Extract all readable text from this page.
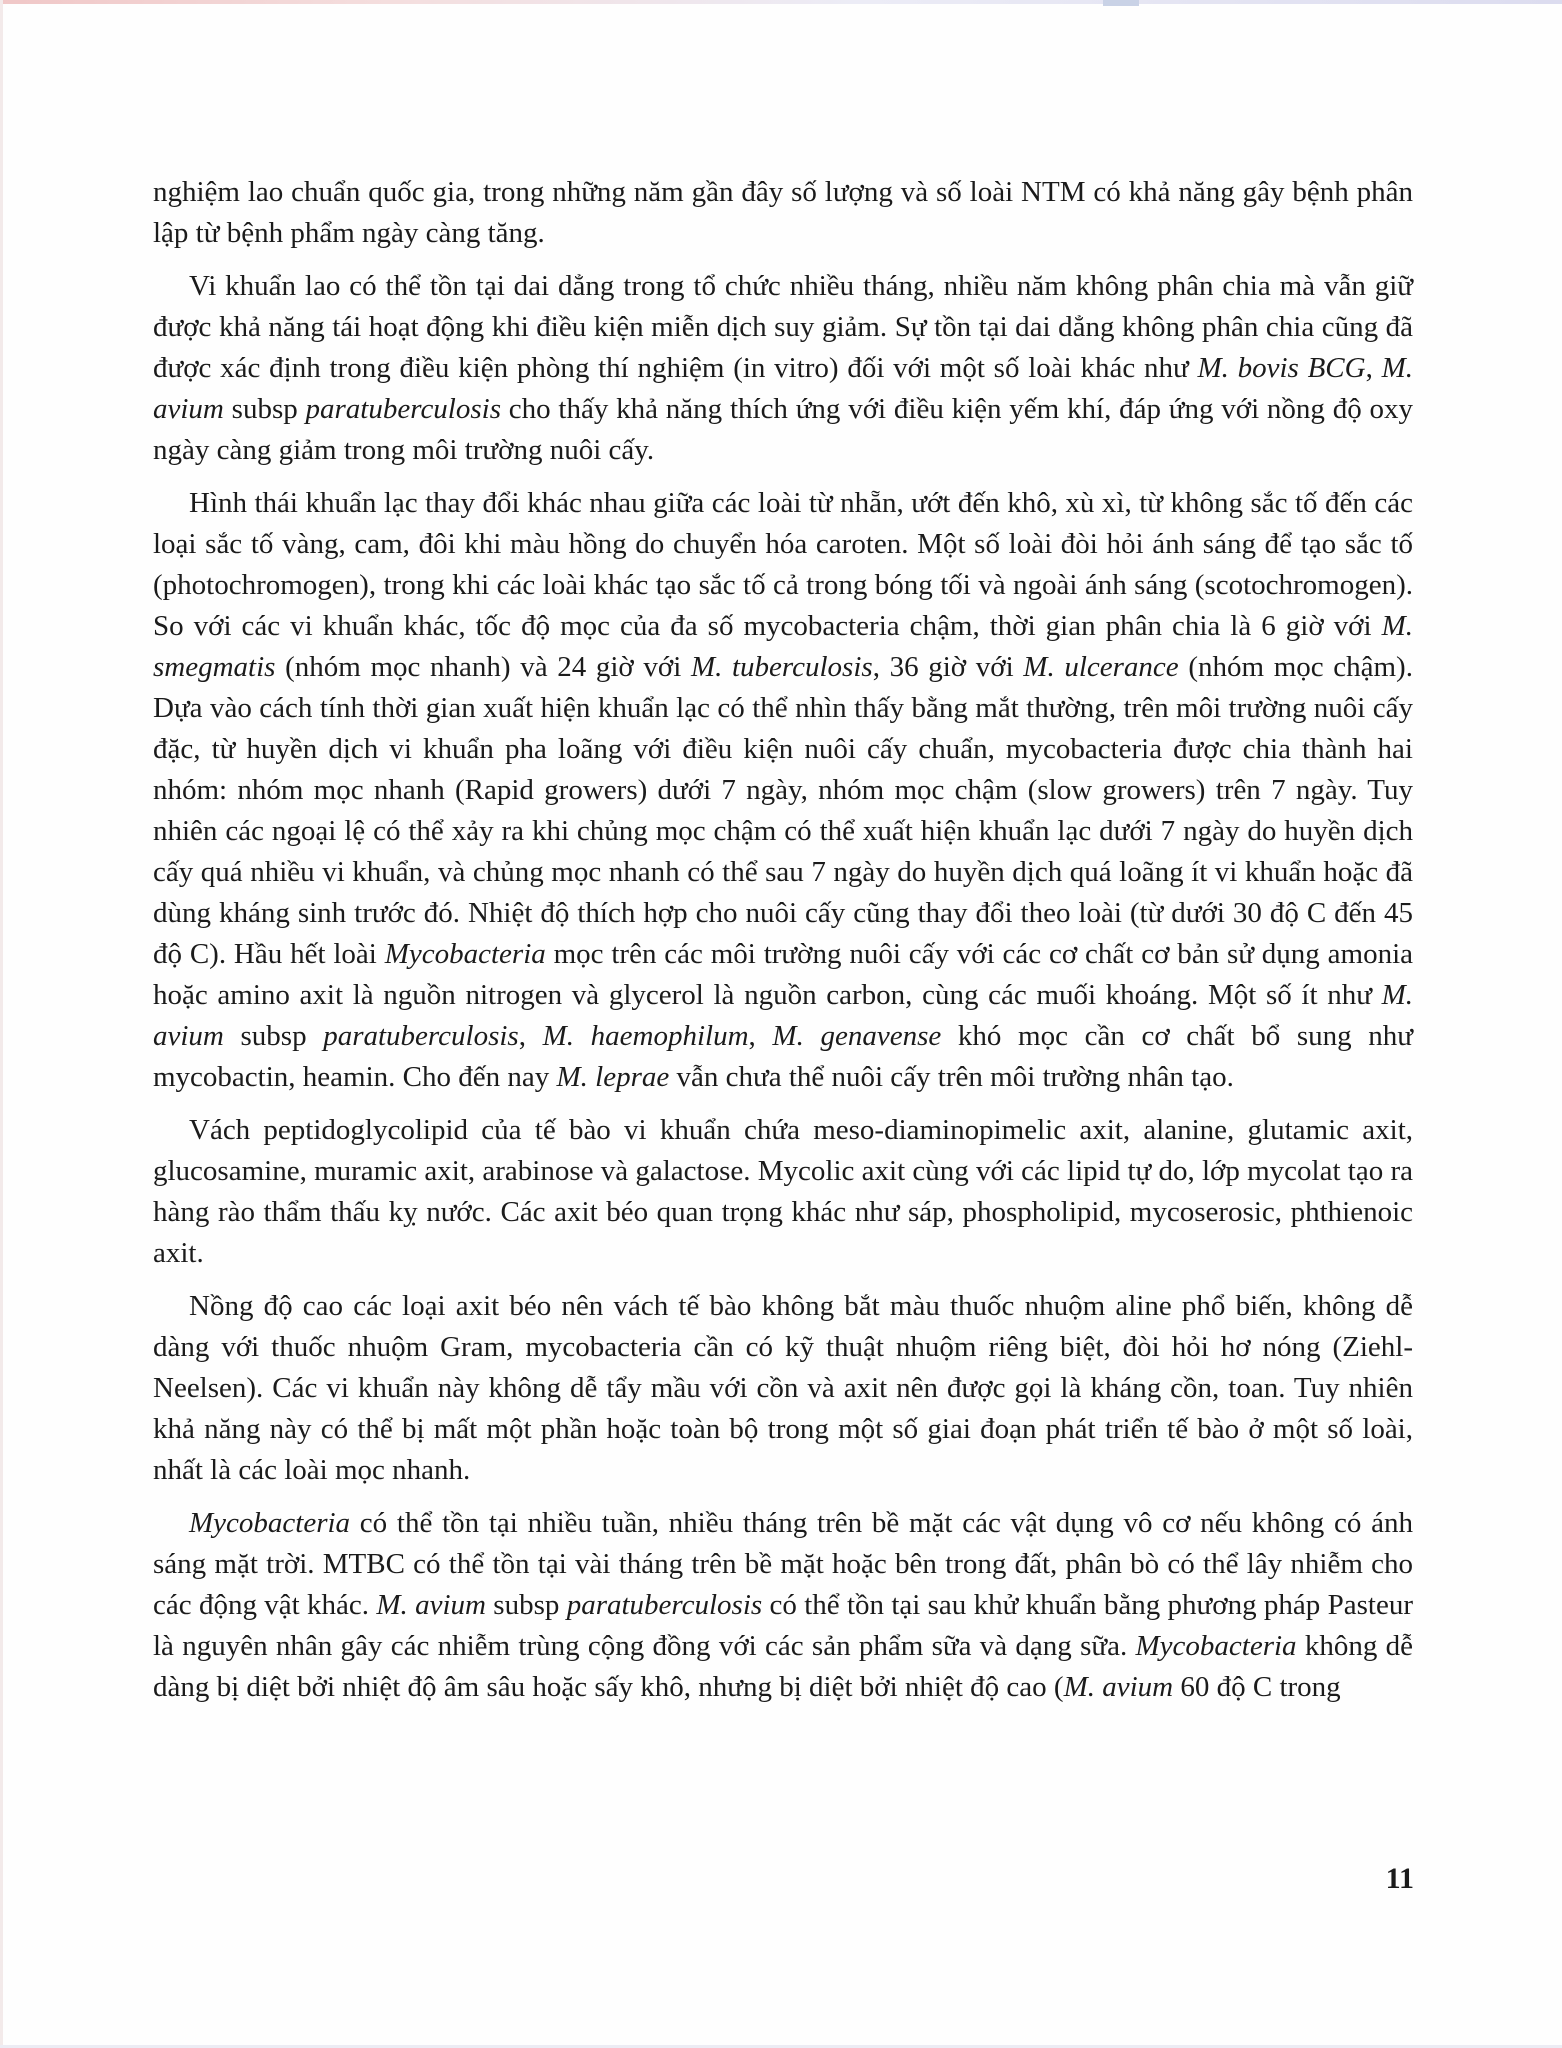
nghiệm lao chuẩn quốc gia, trong những năm gần đây số lượng và số loài NTM có khả năng gây bệnh phân lập từ bệnh phẩm ngày càng tăng.

Vi khuẩn lao có thể tồn tại dai dẳng trong tổ chức nhiều tháng, nhiều năm không phân chia mà vẫn giữ được khả năng tái hoạt động khi điều kiện miễn dịch suy giảm. Sự tồn tại dai dẳng không phân chia cũng đã được xác định trong điều kiện phòng thí nghiệm (in vitro) đối với một số loài khác như M. bovis BCG, M. avium subsp paratuberculosis cho thấy khả năng thích ứng với điều kiện yếm khí, đáp ứng với nồng độ oxy ngày càng giảm trong môi trường nuôi cấy.

Hình thái khuẩn lạc thay đổi khác nhau giữa các loài từ nhẵn, ướt đến khô, xù xì, từ không sắc tố đến các loại sắc tố vàng, cam, đôi khi màu hồng do chuyển hóa caroten. Một số loài đòi hỏi ánh sáng để tạo sắc tố (photochromogen), trong khi các loài khác tạo sắc tố cả trong bóng tối và ngoài ánh sáng (scotochromogen). So với các vi khuẩn khác, tốc độ mọc của đa số mycobacteria chậm, thời gian phân chia là 6 giờ với M. smegmatis (nhóm mọc nhanh) và 24 giờ với M. tuberculosis, 36 giờ với M. ulcerance (nhóm mọc chậm). Dựa vào cách tính thời gian xuất hiện khuẩn lạc có thể nhìn thấy bằng mắt thường, trên môi trường nuôi cấy đặc, từ huyền dịch vi khuẩn pha loãng với điều kiện nuôi cấy chuẩn, mycobacteria được chia thành hai nhóm: nhóm mọc nhanh (Rapid growers) dưới 7 ngày, nhóm mọc chậm (slow growers) trên 7 ngày. Tuy nhiên các ngoại lệ có thể xảy ra khi chủng mọc chậm có thể xuất hiện khuẩn lạc dưới 7 ngày do huyền dịch cấy quá nhiều vi khuẩn, và chủng mọc nhanh có thể sau 7 ngày do huyền dịch quá loãng ít vi khuẩn hoặc đã dùng kháng sinh trước đó. Nhiệt độ thích hợp cho nuôi cấy cũng thay đổi theo loài (từ dưới 30 độ C đến 45 độ C). Hầu hết loài Mycobacteria mọc trên các môi trường nuôi cấy với các cơ chất cơ bản sử dụng amonia hoặc amino axit là nguồn nitrogen và glycerol là nguồn carbon, cùng các muối khoáng. Một số ít như M. avium subsp paratuberculosis, M. haemophilum, M. genavense khó mọc cần cơ chất bổ sung như mycobactin, heamin. Cho đến nay M. leprae vẫn chưa thể nuôi cấy trên môi trường nhân tạo.

Vách peptidoglycolipid của tế bào vi khuẩn chứa meso-diaminopimelic axit, alanine, glutamic axit, glucosamine, muramic axit, arabinose và galactose. Mycolic axit cùng với các lipid tự do, lớp mycolat tạo ra hàng rào thẩm thấu kỵ nước. Các axit béo quan trọng khác như sáp, phospholipid, mycoserosic, phthienoic axit.

Nồng độ cao các loại axit béo nên vách tế bào không bắt màu thuốc nhuộm aline phổ biến, không dễ dàng với thuốc nhuộm Gram, mycobacteria cần có kỹ thuật nhuộm riêng biệt, đòi hỏi hơ nóng (Ziehl-Neelsen). Các vi khuẩn này không dễ tẩy mầu với cồn và axit nên được gọi là kháng cồn, toan. Tuy nhiên khả năng này có thể bị mất một phần hoặc toàn bộ trong một số giai đoạn phát triển tế bào ở một số loài, nhất là các loài mọc nhanh.

Mycobacteria có thể tồn tại nhiều tuần, nhiều tháng trên bề mặt các vật dụng vô cơ nếu không có ánh sáng mặt trời. MTBC có thể tồn tại vài tháng trên bề mặt hoặc bên trong đất, phân bò có thể lây nhiễm cho các động vật khác. M. avium subsp paratuberculosis có thể tồn tại sau khử khuẩn bằng phương pháp Pasteur là nguyên nhân gây các nhiễm trùng cộng đồng với các sản phẩm sữa và dạng sữa. Mycobacteria không dễ dàng bị diệt bởi nhiệt độ âm sâu hoặc sấy khô, nhưng bị diệt bởi nhiệt độ cao (M. avium 60 độ C trong

11
